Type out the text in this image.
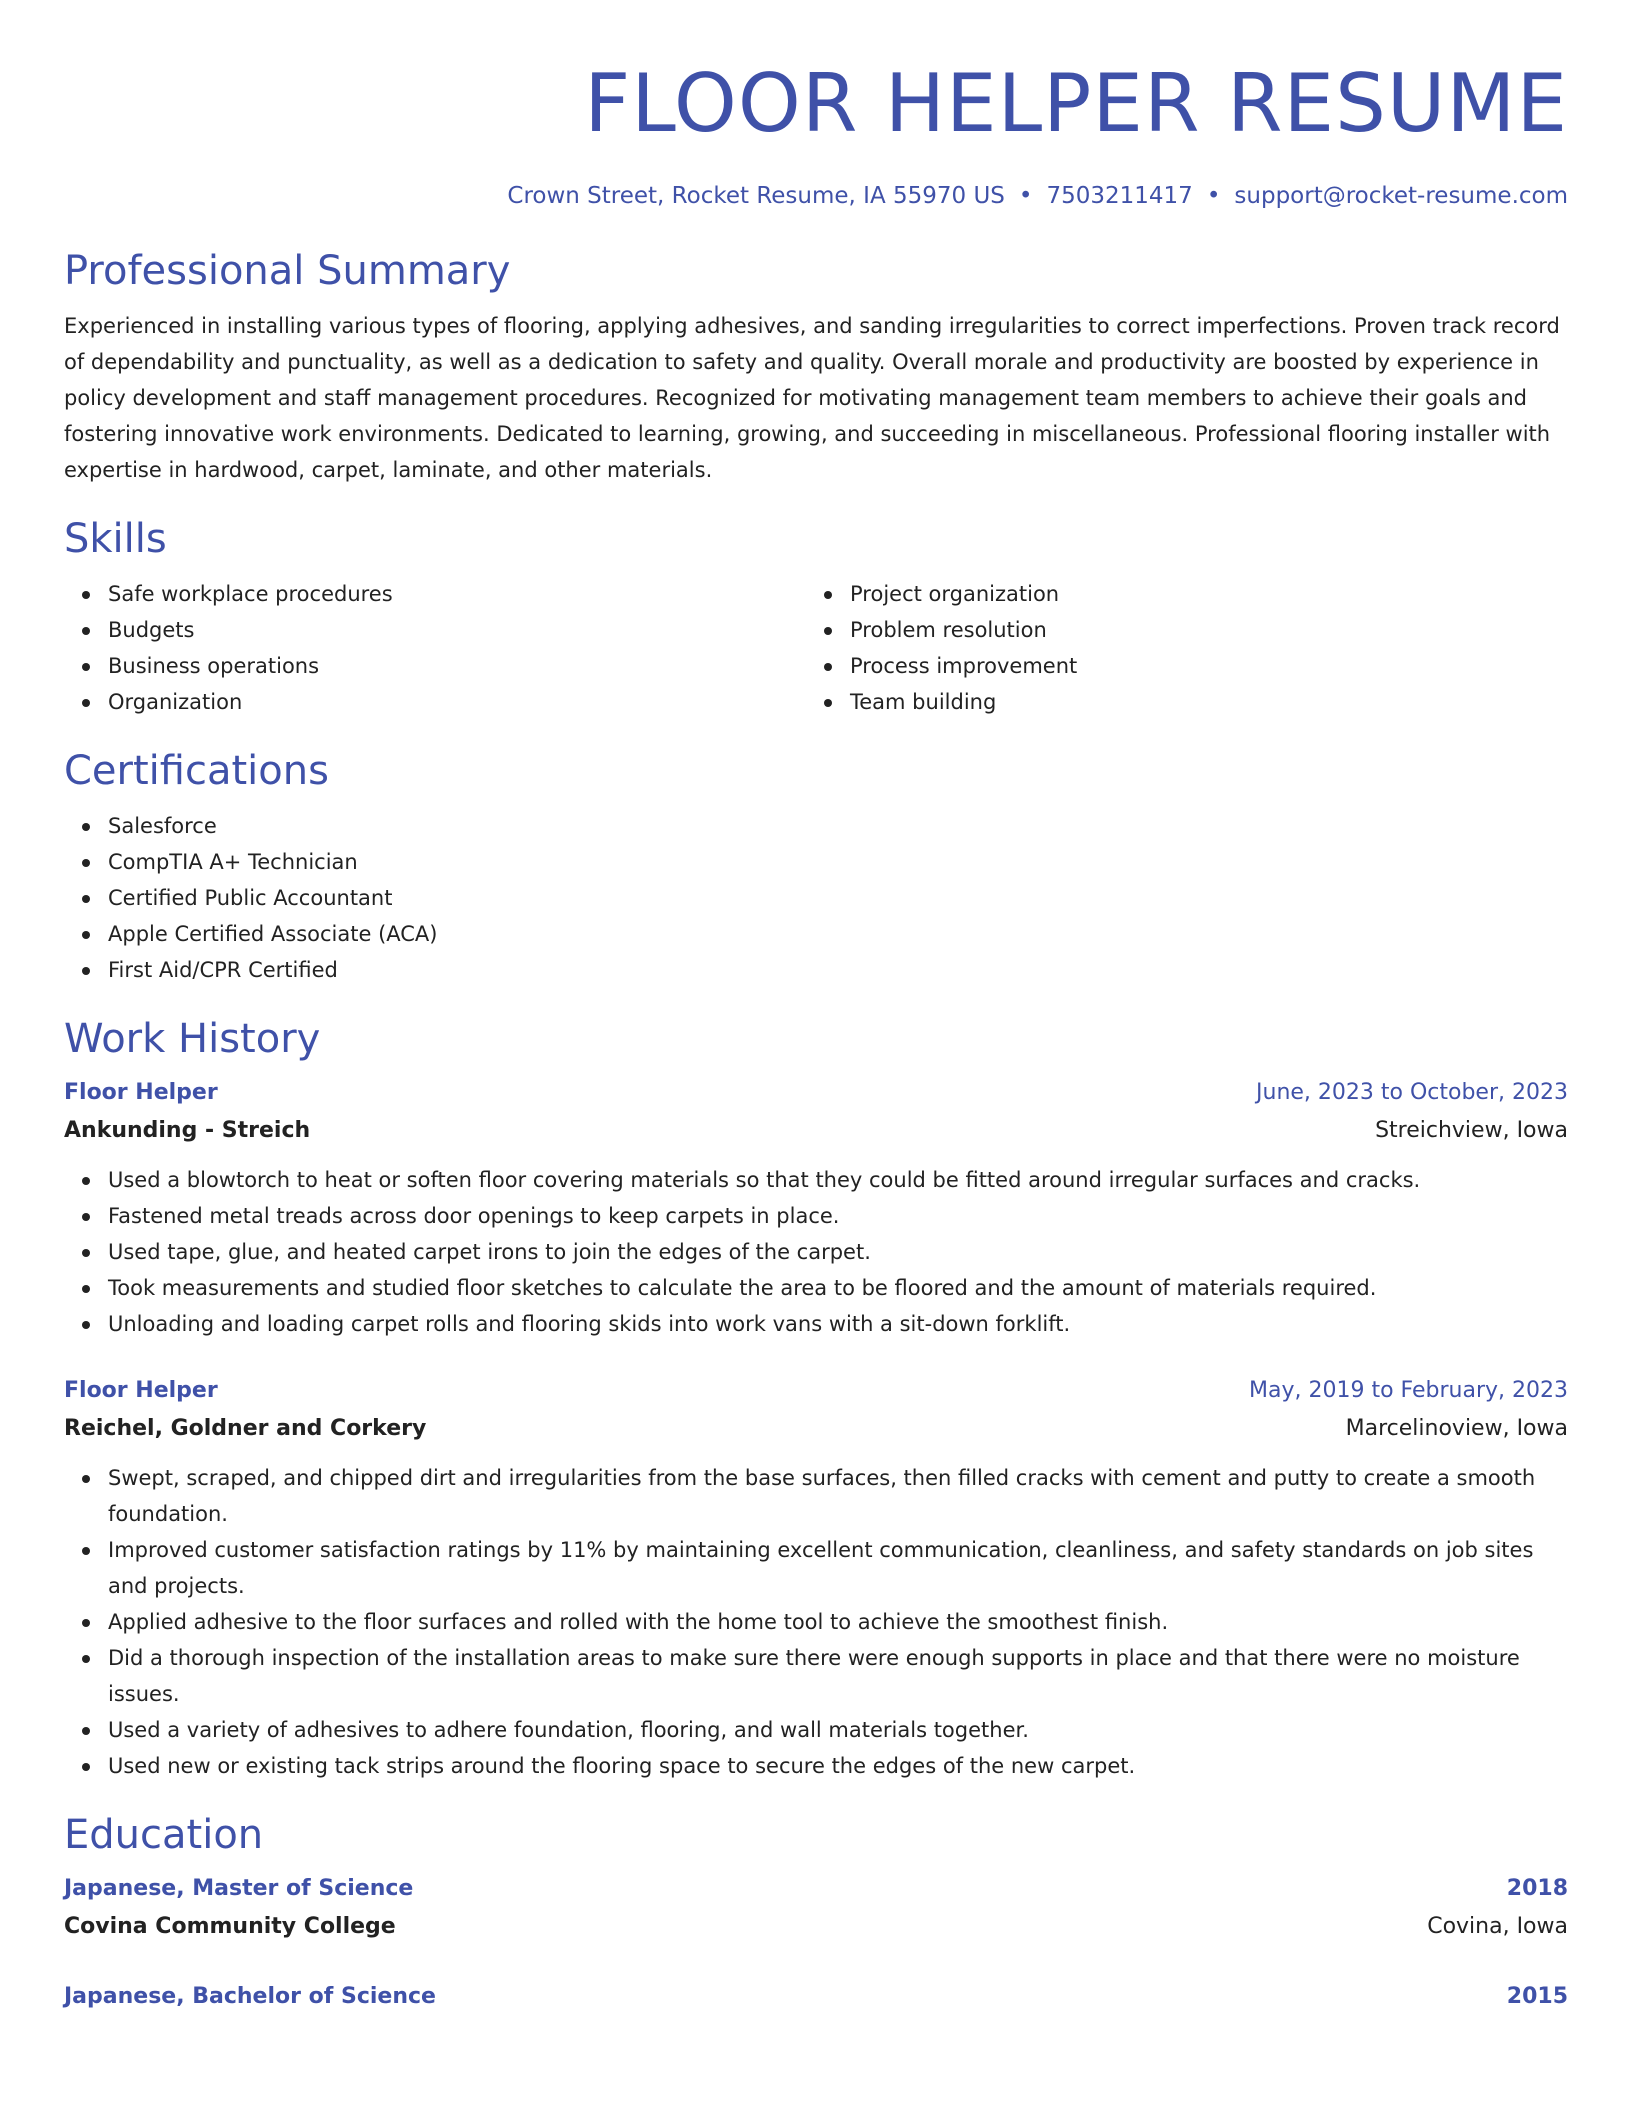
FLOOR HELPER RESUME
Crown Street, Rocket Resume, IA 55970 US • 7503211417 • support@rocket-resume.com
Professional Summary

Experienced in installing various types of flooring, applying adhesives, and sanding irregularities to correct imperfections. Proven track record of dependability and punctuality, as well as a dedication to safety and quality. Overall morale and productivity are boosted by experience in policy development and staff management procedures. Recognized for motivating management team members to achieve their goals and fostering innovative work environments. Dedicated to learning, growing, and succeeding in miscellaneous. Professional flooring installer with expertise in hardwood, carpet, laminate, and other materials.

Skills
Safe workplace procedures
Budgets
Business operations
Organization
Project organization
Problem resolution
Process improvement
Team building
Certifications
Salesforce
CompTIA A+ Technician
Certified Public Accountant
Apple Certified Associate (ACA)
First Aid/CPR Certified
Work History
Floor Helper	June, 2023 to October, 2023
Ankunding - Streich	Streichview, Iowa
Used a blowtorch to heat or soften floor covering materials so that they could be fitted around irregular surfaces and cracks.
Fastened metal treads across door openings to keep carpets in place.
Used tape, glue, and heated carpet irons to join the edges of the carpet.
Took measurements and studied floor sketches to calculate the area to be floored and the amount of materials required.
Unloading and loading carpet rolls and flooring skids into work vans with a sit-down forklift.
Floor Helper	May, 2019 to February, 2023
Reichel, Goldner and Corkery	Marcelinoview, Iowa
Swept, scraped, and chipped dirt and irregularities from the base surfaces, then filled cracks with cement and putty to create a smooth foundation.
Improved customer satisfaction ratings by 11% by maintaining excellent communication, cleanliness, and safety standards on job sites and projects.
Applied adhesive to the floor surfaces and rolled with the home tool to achieve the smoothest finish.
Did a thorough inspection of the installation areas to make sure there were enough supports in place and that there were no moisture issues.
Used a variety of adhesives to adhere foundation, flooring, and wall materials together.
Used new or existing tack strips around the flooring space to secure the edges of the new carpet.
Education
Japanese, Master of Science	2018
Covina Community College	Covina, Iowa
Japanese, Bachelor of Science	2015
